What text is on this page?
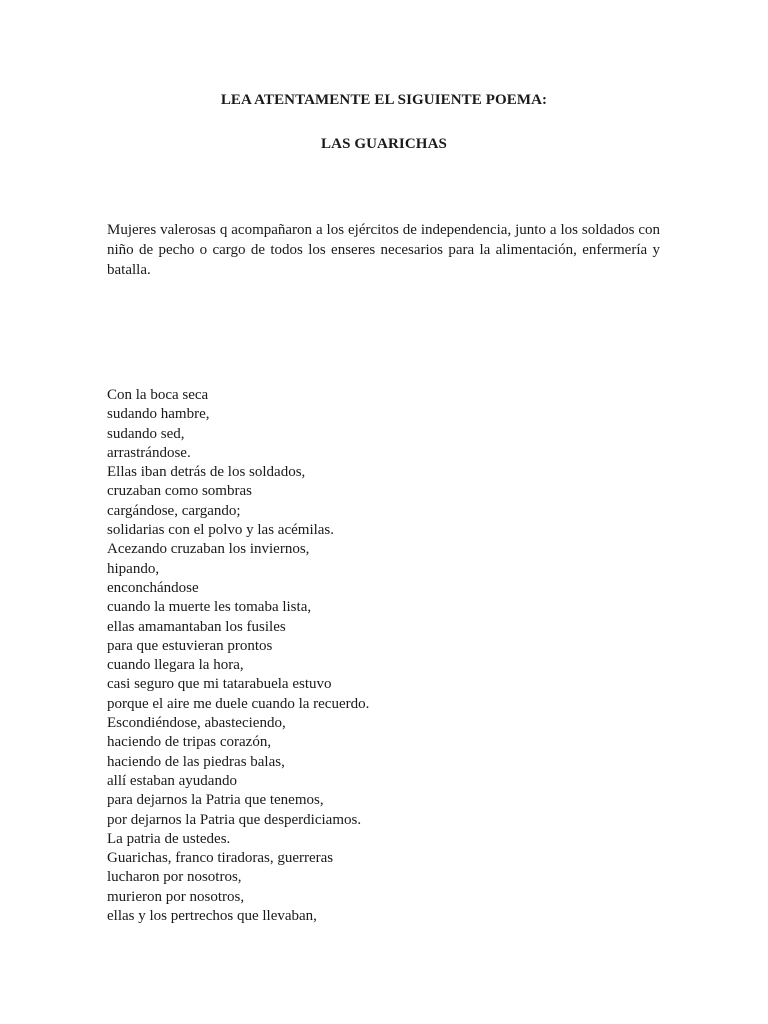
LEA ATENTAMENTE EL SIGUIENTE POEMA:

LAS GUARICHAS

Mujeres valerosas q acompañaron a los ejércitos de independencia, junto a los soldados con niño de pecho o cargo de todos los enseres necesarios para la alimentación, enfermería y batalla.

Con la boca seca
sudando hambre,
sudando sed,
arrastrándose.
Ellas iban detrás de los soldados,
cruzaban como sombras
cargándose, cargando;
solidarias con el polvo y las acémilas.
Acezando cruzaban los inviernos,
hipando,
enconchándose
cuando la muerte les tomaba lista,
ellas amamantaban los fusiles
para que estuvieran prontos
cuando llegara la hora,
casi seguro que mi tatarabuela estuvo
porque el aire me duele cuando la recuerdo.
Escondiéndose, abasteciendo,
haciendo de tripas corazón,
haciendo de las piedras balas,
allí estaban ayudando
para dejarnos la Patria que tenemos,
por dejarnos la Patria que desperdiciamos.
La patria de ustedes.
Guarichas, franco tiradoras, guerreras
lucharon por nosotros,
murieron por nosotros,
ellas y los pertrechos que llevaban,
